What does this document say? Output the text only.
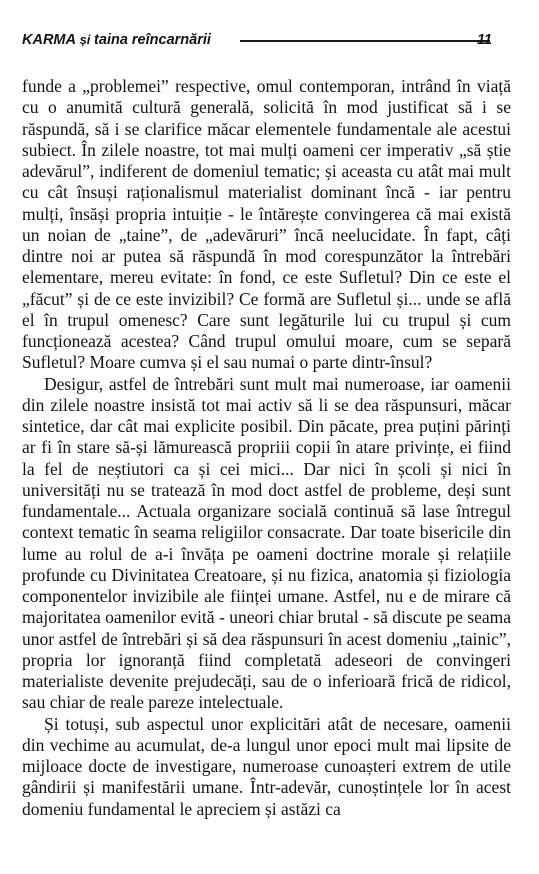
KARMA și taina reîncarnării	11

funde a „problemei” respective, omul contemporan, intrând în viață cu o anumită cultură generală, solicită în mod justificat să i se răspundă, să i se clarifice măcar elementele fundamentale ale acestui subiect. În zilele noastre, tot mai mulți oameni cer imperativ „să știe adevărul”, indiferent de domeniul tematic; și aceasta cu atât mai mult cu cât însuși raționalismul materialist dominant încă - iar pentru mulți, însăși propria intuiție - le întărește convingerea că mai există un noian de „taine”, de „adevăruri” încă neelucidate. În fapt, câți dintre noi ar putea să răspundă în mod corespunzător la întrebări elementare, mereu evitate: în fond, ce este Sufletul? Din ce este el „făcut” și de ce este invizibil? Ce formă are Sufletul și... unde se află el în trupul omenesc? Care sunt legăturile lui cu trupul și cum funcționează acestea? Când trupul omului moare, cum se separă Sufletul? Moare cumva și el sau numai o parte dintr-însul?

Desigur, astfel de întrebări sunt mult mai numeroase, iar oamenii din zilele noastre insistă tot mai activ să li se dea răspunsuri, măcar sintetice, dar cât mai explicite posibil. Din păcate, prea puțini părinți ar fi în stare să-și lămurească propriii copii în atare privințe, ei fiind la fel de neștiutori ca și cei mici... Dar nici în școli și nici în universități nu se tratează în mod doct astfel de probleme, deși sunt fundamentale... Actuala organizare socială continuă să lase întregul context tematic în seama religiilor consacrate. Dar toate bisericile din lume au rolul de a-i învăța pe oameni doctrine morale și relațiile profunde cu Divinitatea Creatoare, și nu fizica, anatomia și fiziologia componentelor invizibile ale ființei umane. Astfel, nu e de mirare că majoritatea oamenilor evită - uneori chiar brutal - să discute pe seama unor astfel de întrebări și să dea răspunsuri în acest domeniu „tainic”, propria lor ignoranță fiind completată adeseori de convingeri materialiste devenite prejudecăți, sau de o inferioară frică de ridicol, sau chiar de reale pareze intelectuale.

Și totuși, sub aspectul unor explicitări atât de necesare, oamenii din vechime au acumulat, de-a lungul unor epoci mult mai lipsite de mijloace docte de investigare, numeroase cunoașteri extrem de utile gândirii și manifestării umane. Într-adevăr, cunoștințele lor în acest domeniu fundamental le apreciem și astăzi ca
